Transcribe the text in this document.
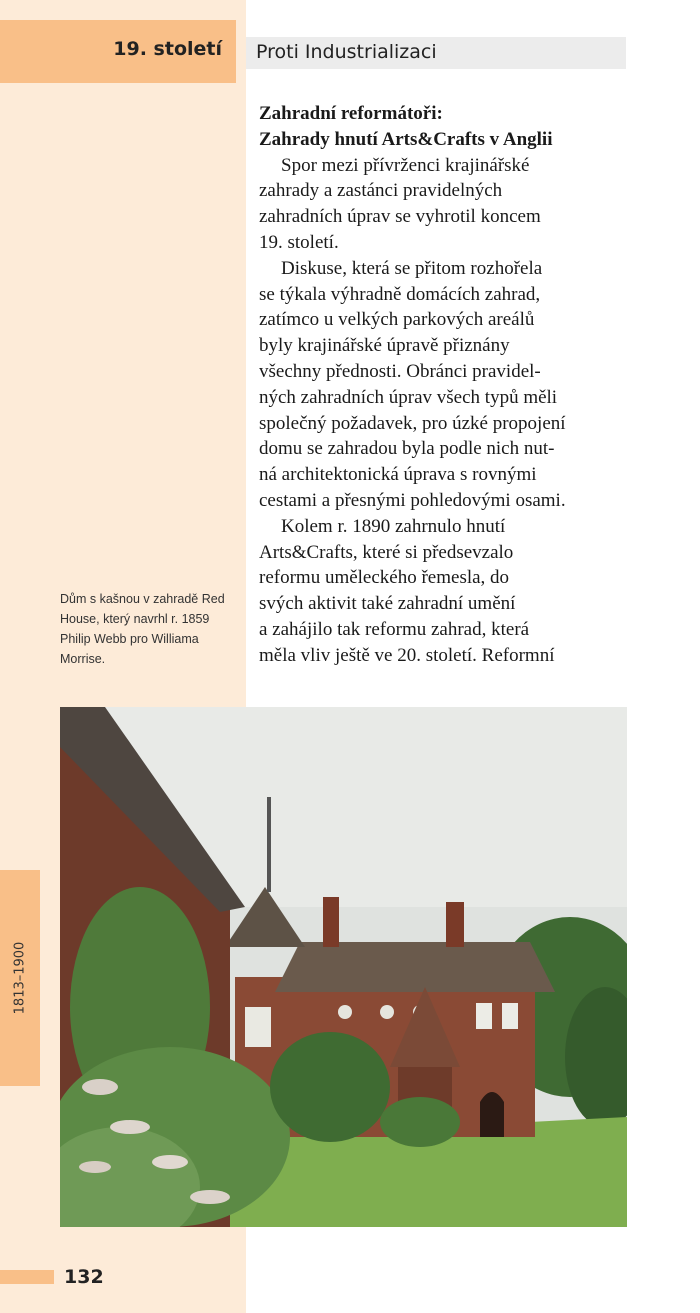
19. století Proti Industrializaci
Zahradní reformátoři:
Zahrady hnutí Arts&Crafts v Anglii
Spor mezi přívrženci krajinářské
zahrady a zastánci pravidelných
zahradních úprav se vyhrotil koncem
19. století.
Diskuse, která se přitom rozhořela
se týkala výhradně domácích zahrad,
zatímco u velkých parkových areálů
byly krajinářské úpravě přiznány
všechny přednosti. Obránci pravidel-
ných zahradních úprav všech typů měli
společný požadavek, pro úzké propojení
domu se zahradou byla podle nich nut-
ná architektonická úprava s rovnými
cestami a přesnými pohledovými osami.
Kolem r. 1890 zahrnulo hnutí
Arts&Crafts, které si předsevzalo
reformu uměleckého řemesla, do
svých aktivit také zahradní umění
a zahájilo tak reformu zahrad, která
měla vliv ještě ve 20. století. Reformní
Dům s kašnou v zahradě Red
House, který navrhl r. 1859
Philip Webb pro Williama
Morrise.
1813–1900
132
